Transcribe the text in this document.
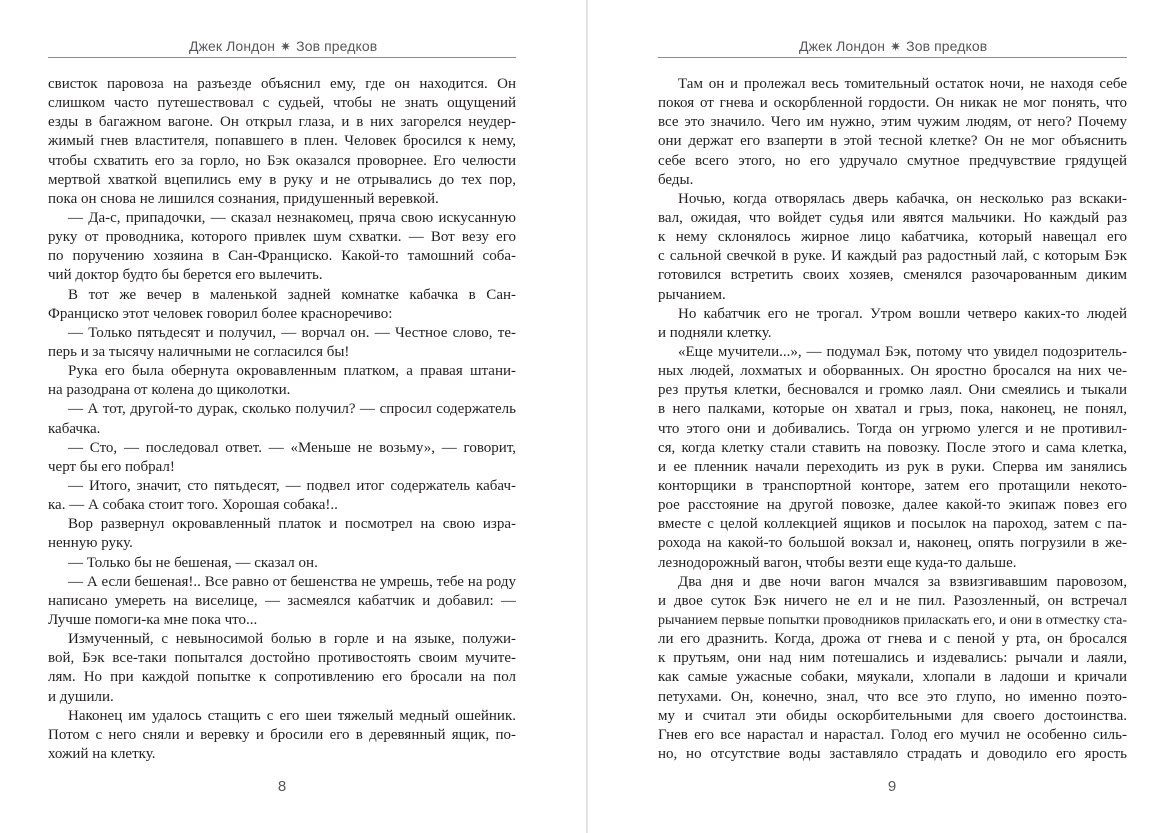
Джек Лондон ✷ Зов предков
свисток паровоза на разъезде объяснил ему, где он находится. Он
слишком часто путешествовал с судьей, чтобы не знать ощущений
езды в багажном вагоне. Он открыл глаза, и в них загорелся неудер-
жимый гнев властителя, попавшего в плен. Человек бросился к нему,
чтобы схватить его за горло, но Бэк оказался проворнее. Его челюсти
мертвой хваткой вцепились ему в руку и не отрывались до тех пор,
пока он снова не лишился сознания, придушенный веревкой.
— Да-с, припадочки, — сказал незнакомец, пряча свою искусанную
руку от проводника, которого привлек шум схватки. — Вот везу его
по поручению хозяина в Сан-Франциско. Какой-то тамошний соба-
чий доктор будто бы берется его вылечить.
В тот же вечер в маленькой задней комнатке кабачка в Сан-
Франциско этот человек говорил более красноречиво:
— Только пятьдесят и получил, — ворчал он. — Честное слово, те-
перь и за тысячу наличными не согласился бы!
Рука его была обернута окровавленным платком, а правая штани-
на разодрана от колена до щиколотки.
— А тот, другой-то дурак, сколько получил? — спросил содержатель
кабачка.
— Сто, — последовал ответ. — «Меньше не возьму», — говорит,
черт бы его побрал!
— Итого, значит, сто пятьдесят, — подвел итог содержатель кабач-
ка. — А собака стоит того. Хорошая собака!..
Вор развернул окровавленный платок и посмотрел на свою изра-
ненную руку.
— Только бы не бешеная, — сказал он.
— А если бешеная!.. Все равно от бешенства не умрешь, тебе на роду
написано умереть на виселице, — засмеялся кабатчик и добавил: —
Лучше помоги-ка мне пока что...
Измученный, с невыносимой болью в горле и на языке, полужи-
вой, Бэк все-таки попытался достойно противостоять своим мучите-
лям. Но при каждой попытке к сопротивлению его бросали на пол
и душили.
Наконец им удалось стащить с его шеи тяжелый медный ошейник.
Потом с него сняли и веревку и бросили его в деревянный ящик, по-
хожий на клетку.
8
Джек Лондон ✷ Зов предков
Там он и пролежал весь томительный остаток ночи, не находя себе
покоя от гнева и оскорбленной гордости. Он никак не мог понять, что
все это значило. Чего им нужно, этим чужим людям, от него? Почему
они держат его взаперти в этой тесной клетке? Он не мог объяснить
себе всего этого, но его удручало смутное предчувствие грядущей
беды.
Ночью, когда отворялась дверь кабачка, он несколько раз вскаки-
вал, ожидая, что войдет судья или явятся мальчики. Но каждый раз
к нему склонялось жирное лицо кабатчика, который навещал его
с сальной свечкой в руке. И каждый раз радостный лай, с которым Бэк
готовился встретить своих хозяев, сменялся разочарованным диким
рычанием.
Но кабатчик его не трогал. Утром вошли четверо каких-то людей
и подняли клетку.
«Еще мучители...», — подумал Бэк, потому что увидел подозритель-
ных людей, лохматых и оборванных. Он яростно бросался на них че-
рез прутья клетки, бесновался и громко лаял. Они смеялись и тыкали
в него палками, которые он хватал и грыз, пока, наконец, не понял,
что этого они и добивались. Тогда он угрюмо улегся и не противил-
ся, когда клетку стали ставить на повозку. После этого и сама клетка,
и ее пленник начали переходить из рук в руки. Сперва им занялись
конторщики в транспортной конторе, затем его протащили некото-
рое расстояние на другой повозке, далее какой-то экипаж повез его
вместе с целой коллекцией ящиков и посылок на пароход, затем с па-
рохода на какой-то большой вокзал и, наконец, опять погрузили в же-
лезнодорожный вагон, чтобы везти еще куда-то дальше.
Два дня и две ночи вагон мчался за взвизгивавшим паровозом,
и двое суток Бэк ничего не ел и не пил. Разозленный, он встречал
рычанием первые попытки проводников приласкать его, и они в отместку ста-
ли его дразнить. Когда, дрожа от гнева и с пеной у рта, он бросался
к прутьям, они над ним потешались и издевались: рычали и лаяли,
как самые ужасные собаки, мяукали, хлопали в ладоши и кричали
петухами. Он, конечно, знал, что все это глупо, но именно поэто-
му и считал эти обиды оскорбительными для своего достоинства.
Гнев его все нарастал и нарастал. Голод его мучил не особенно силь-
но, но отсутствие воды заставляло страдать и доводило его ярость
9
